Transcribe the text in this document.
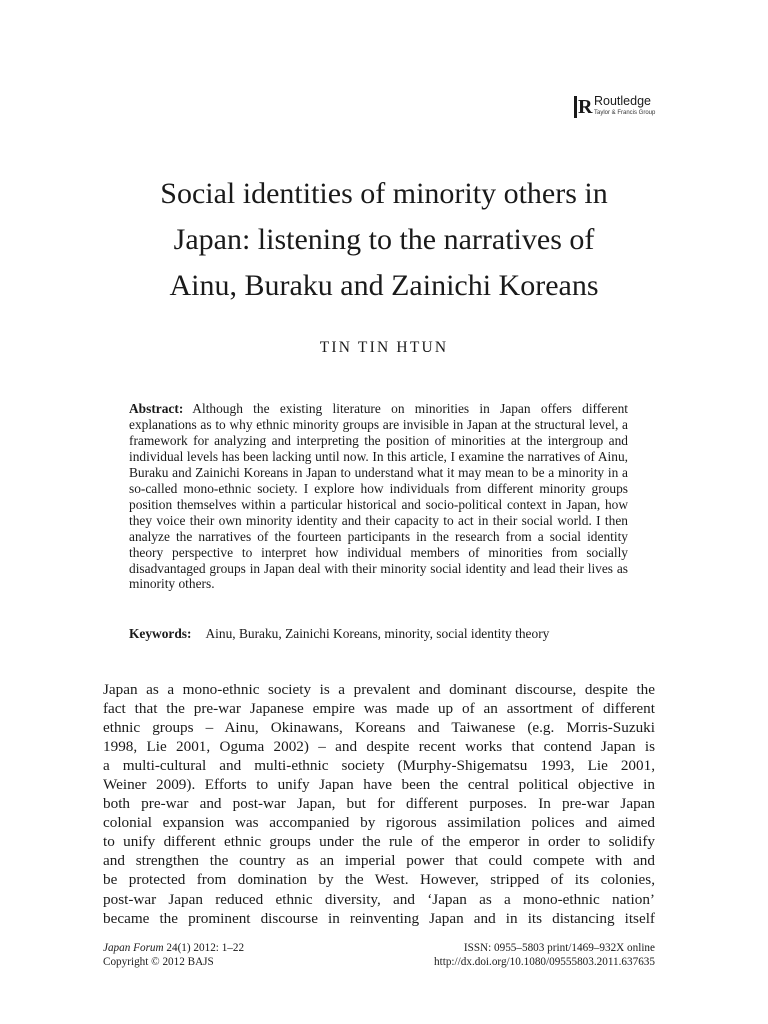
R Routledge
Taylor & Francis Group
Social identities of minority others in
Japan: listening to the narratives of
Ainu, Buraku and Zainichi Koreans
TIN TIN HTUN

Abstract: Although the existing literature on minorities in Japan offers different explanations as to why ethnic minority groups are invisible in Japan at the structural level, a framework for analyzing and interpreting the position of minorities at the intergroup and individual levels has been lacking until now. In this article, I examine the narratives of Ainu, Buraku and Zainichi Koreans in Japan to understand what it may mean to be a minority in a so-called mono-ethnic society. I explore how individuals from different minority groups position themselves within a particular historical and socio-political context in Japan, how they voice their own minority identity and their capacity to act in their social world. I then analyze the narratives of the fourteen participants in the research from a social identity theory perspective to interpret how individual members of minorities from socially disadvantaged groups in Japan deal with their minority social identity and lead their lives as minority others.

Keywords: Ainu, Buraku, Zainichi Koreans, minority, social identity theory

Japan as a mono-ethnic society is a prevalent and dominant discourse, despite the
fact that the pre-war Japanese empire was made up of an assortment of different
ethnic groups – Ainu, Okinawans, Koreans and Taiwanese (e.g. Morris-Suzuki
1998, Lie 2001, Oguma 2002) – and despite recent works that contend Japan is
a multi-cultural and multi-ethnic society (Murphy-Shigematsu 1993, Lie 2001,
Weiner 2009). Efforts to unify Japan have been the central political objective in
both pre-war and post-war Japan, but for different purposes. In pre-war Japan
colonial expansion was accompanied by rigorous assimilation polices and aimed
to unify different ethnic groups under the rule of the emperor in order to solidify
and strengthen the country as an imperial power that could compete with and
be protected from domination by the West. However, stripped of its colonies,
post-war Japan reduced ethnic diversity, and ‘Japan as a mono-ethnic nation’
became the prominent discourse in reinventing Japan and in its distancing itself
Japan Forum 24(1) 2012: 1–22
Copyright © 2012 BAJS
ISSN: 0955–5803 print/1469–932X online
http://dx.doi.org/10.1080/09555803.2011.637635
